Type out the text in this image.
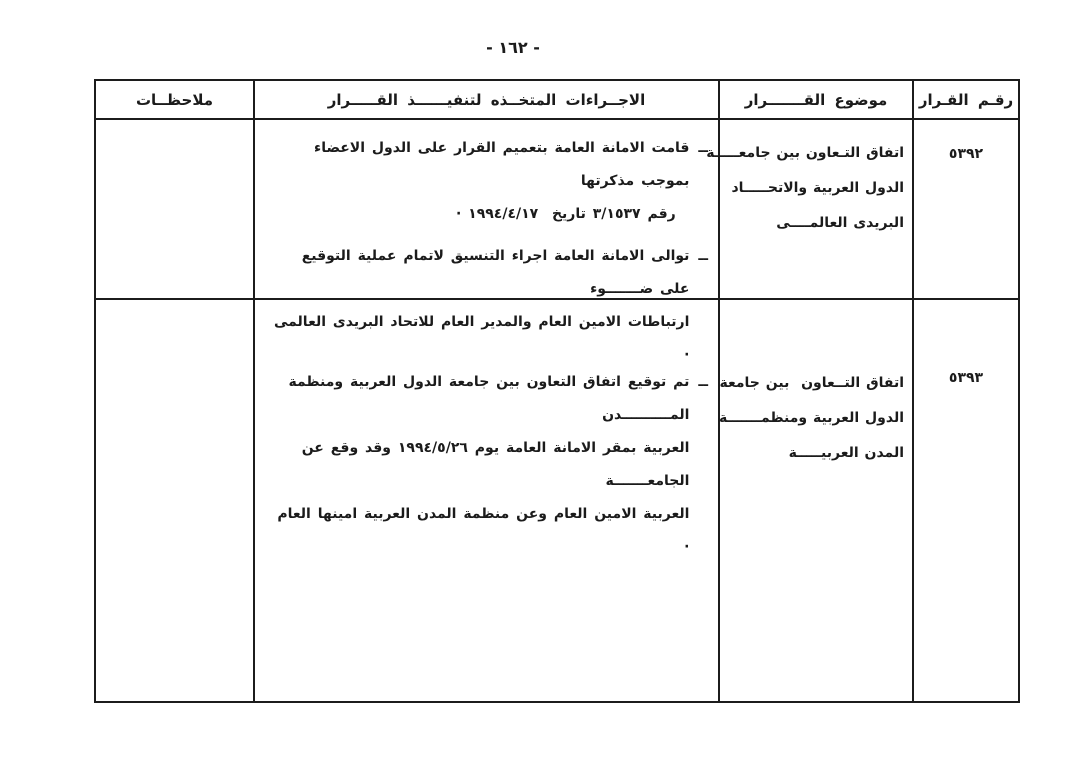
- ١٦٢ -
رقـم القـرار
موضوع القـــــــرار
الاجــراءات المتخــذه لتنفيــــــذ القـــــرار
ملاحظــات
٥٣٩٢
اتفاق التـعاون بين جامعـــــة
الدول العربية والاتحـــــاد
البريدى العالمــــى
ــ
قامت الامانة العامة بتعميم القرار على الدول الاعضاء بموجب مذكرتها
رقم ٣/١٥٣٧ تاريخ  ١٩٩٤/٤/١٧ ·
ــ
توالى الامانة العامة اجراء التنسيق لاتمام عملية التوقيع على ضـــــــوء
ارتباطات الامين العام والمدير العام للاتحاد البريدى العالمى ·
٥٣٩٣
اتفاق التــعاون  بين جامعة
الدول العربية ومنظمـــــــة
المدن العربيـــــة
ــ
تم توقيع اتفاق التعاون بين جامعة الدول العربية ومنظمة المــــــــــدن
العربية بمقر الامانة العامة يوم ١٩٩٤/٥/٢٦ وقد وقع عن الجامعـــــــة
العربية الامين العام وعن منظمة المدن العربية امينها العام ·
